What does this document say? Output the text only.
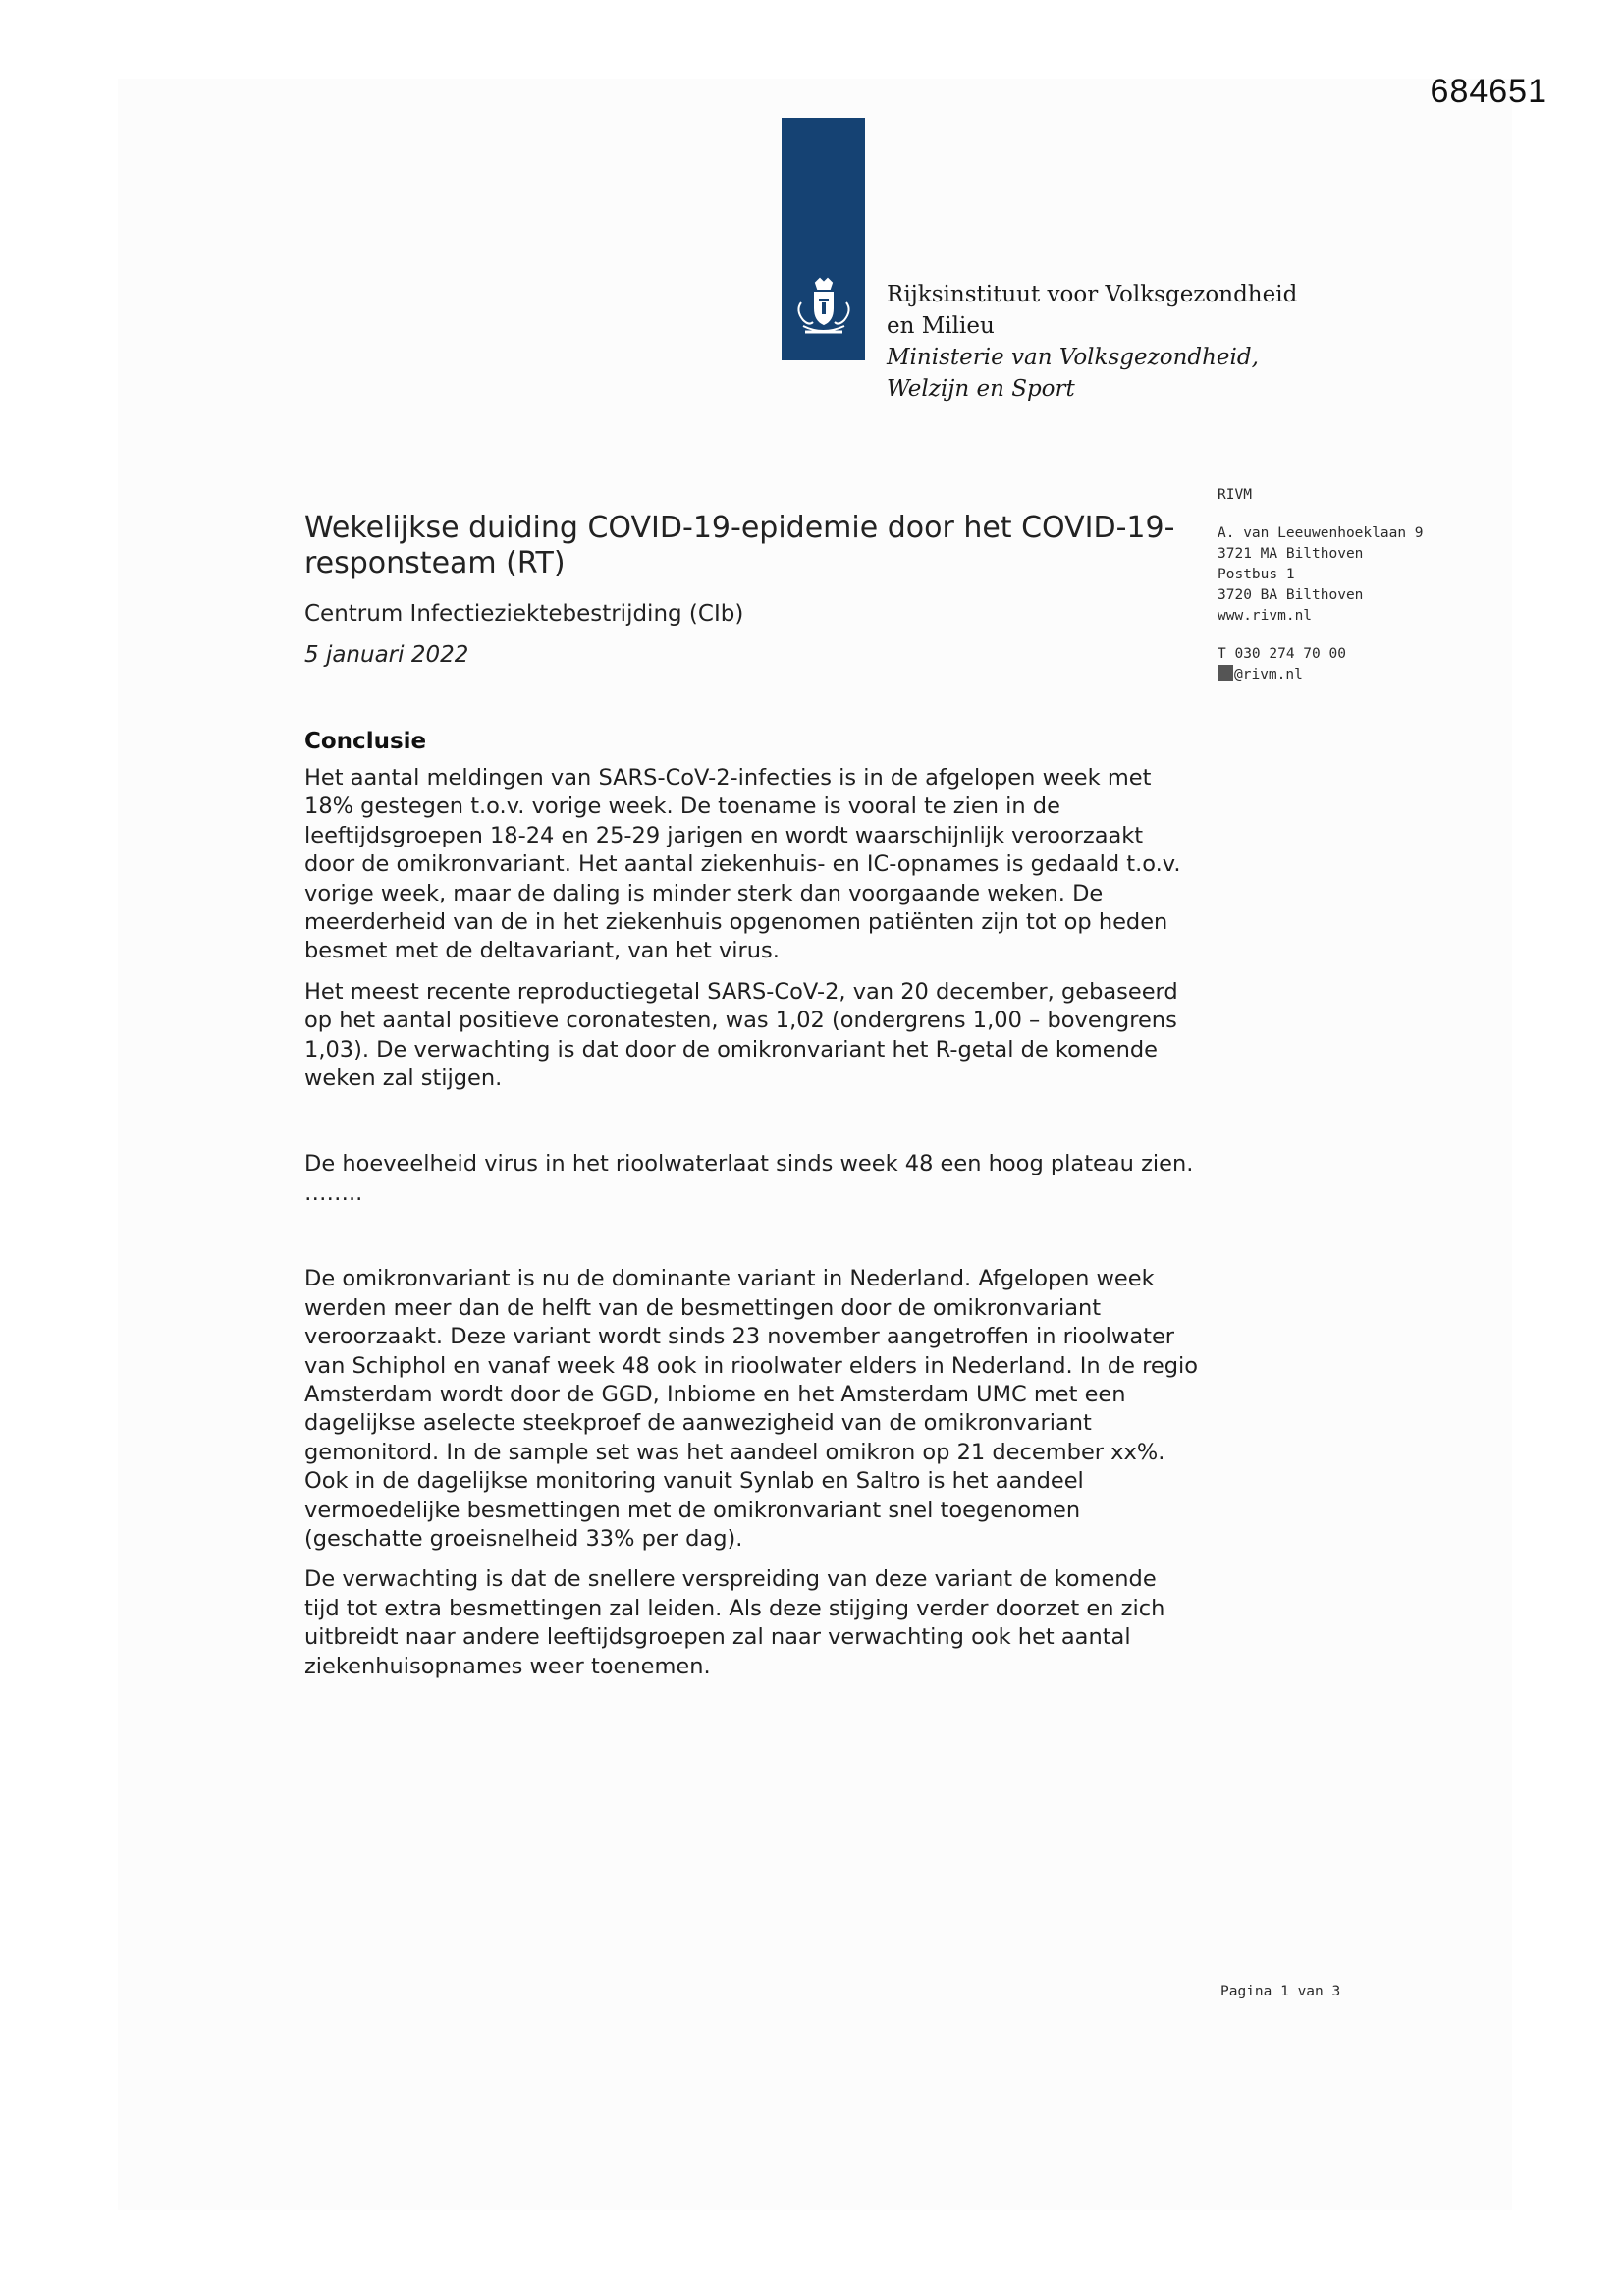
684651
Rijksinstituut voor Volksgezondheid
en Milieu
Ministerie van Volksgezondheid,
Welzijn en Sport
RIVM
A. van Leeuwenhoeklaan 9
3721 MA Bilthoven
Postbus 1
3720 BA Bilthoven
www.rivm.nl
T 030 274 70 00
@rivm.nl
Wekelijkse duiding COVID-19-epidemie door het COVID-19-responsteam (RT)
Centrum Infectieziektebestrijding (CIb)
5 januari 2022
Conclusie

Het aantal meldingen van SARS-CoV-2-infecties is in de afgelopen week met 18% gestegen t.o.v. vorige week. De toename is vooral te zien in de leeftijdsgroepen 18-24 en 25-29 jarigen en wordt waarschijnlijk veroorzaakt door de omikronvariant. Het aantal ziekenhuis- en IC-opnames is gedaald t.o.v. vorige week, maar de daling is minder sterk dan voorgaande weken. De meerderheid van de in het ziekenhuis opgenomen patiënten zijn tot op heden besmet met de deltavariant, van het virus.

Het meest recente reproductiegetal SARS-CoV-2, van 20 december, gebaseerd op het aantal positieve coronatesten, was 1,02 (ondergrens 1,00 – bovengrens 1,03). De verwachting is dat door de omikronvariant het R-getal de komende weken zal stijgen.

De hoeveelheid virus in het rioolwaterlaat sinds week 48 een hoog plateau zien. ……..

De omikronvariant is nu de dominante variant in Nederland. Afgelopen week werden meer dan de helft van de besmettingen door de omikronvariant veroorzaakt. Deze variant wordt sinds 23 november aangetroffen in rioolwater van Schiphol en vanaf week 48 ook in rioolwater elders in Nederland. In de regio Amsterdam wordt door de GGD, Inbiome en het Amsterdam UMC met een dagelijkse aselecte steekproef de aanwezigheid van de omikronvariant gemonitord. In de sample set was het aandeel omikron op 21 december xx%. Ook in de dagelijkse monitoring vanuit Synlab en Saltro is het aandeel vermoedelijke besmettingen met de omikronvariant snel toegenomen (geschatte groeisnelheid 33% per dag).

De verwachting is dat de snellere verspreiding van deze variant de komende tijd tot extra besmettingen zal leiden. Als deze stijging verder doorzet en zich uitbreidt naar andere leeftijdsgroepen zal naar verwachting ook het aantal ziekenhuisopnames weer toenemen.

Pagina 1 van 3
